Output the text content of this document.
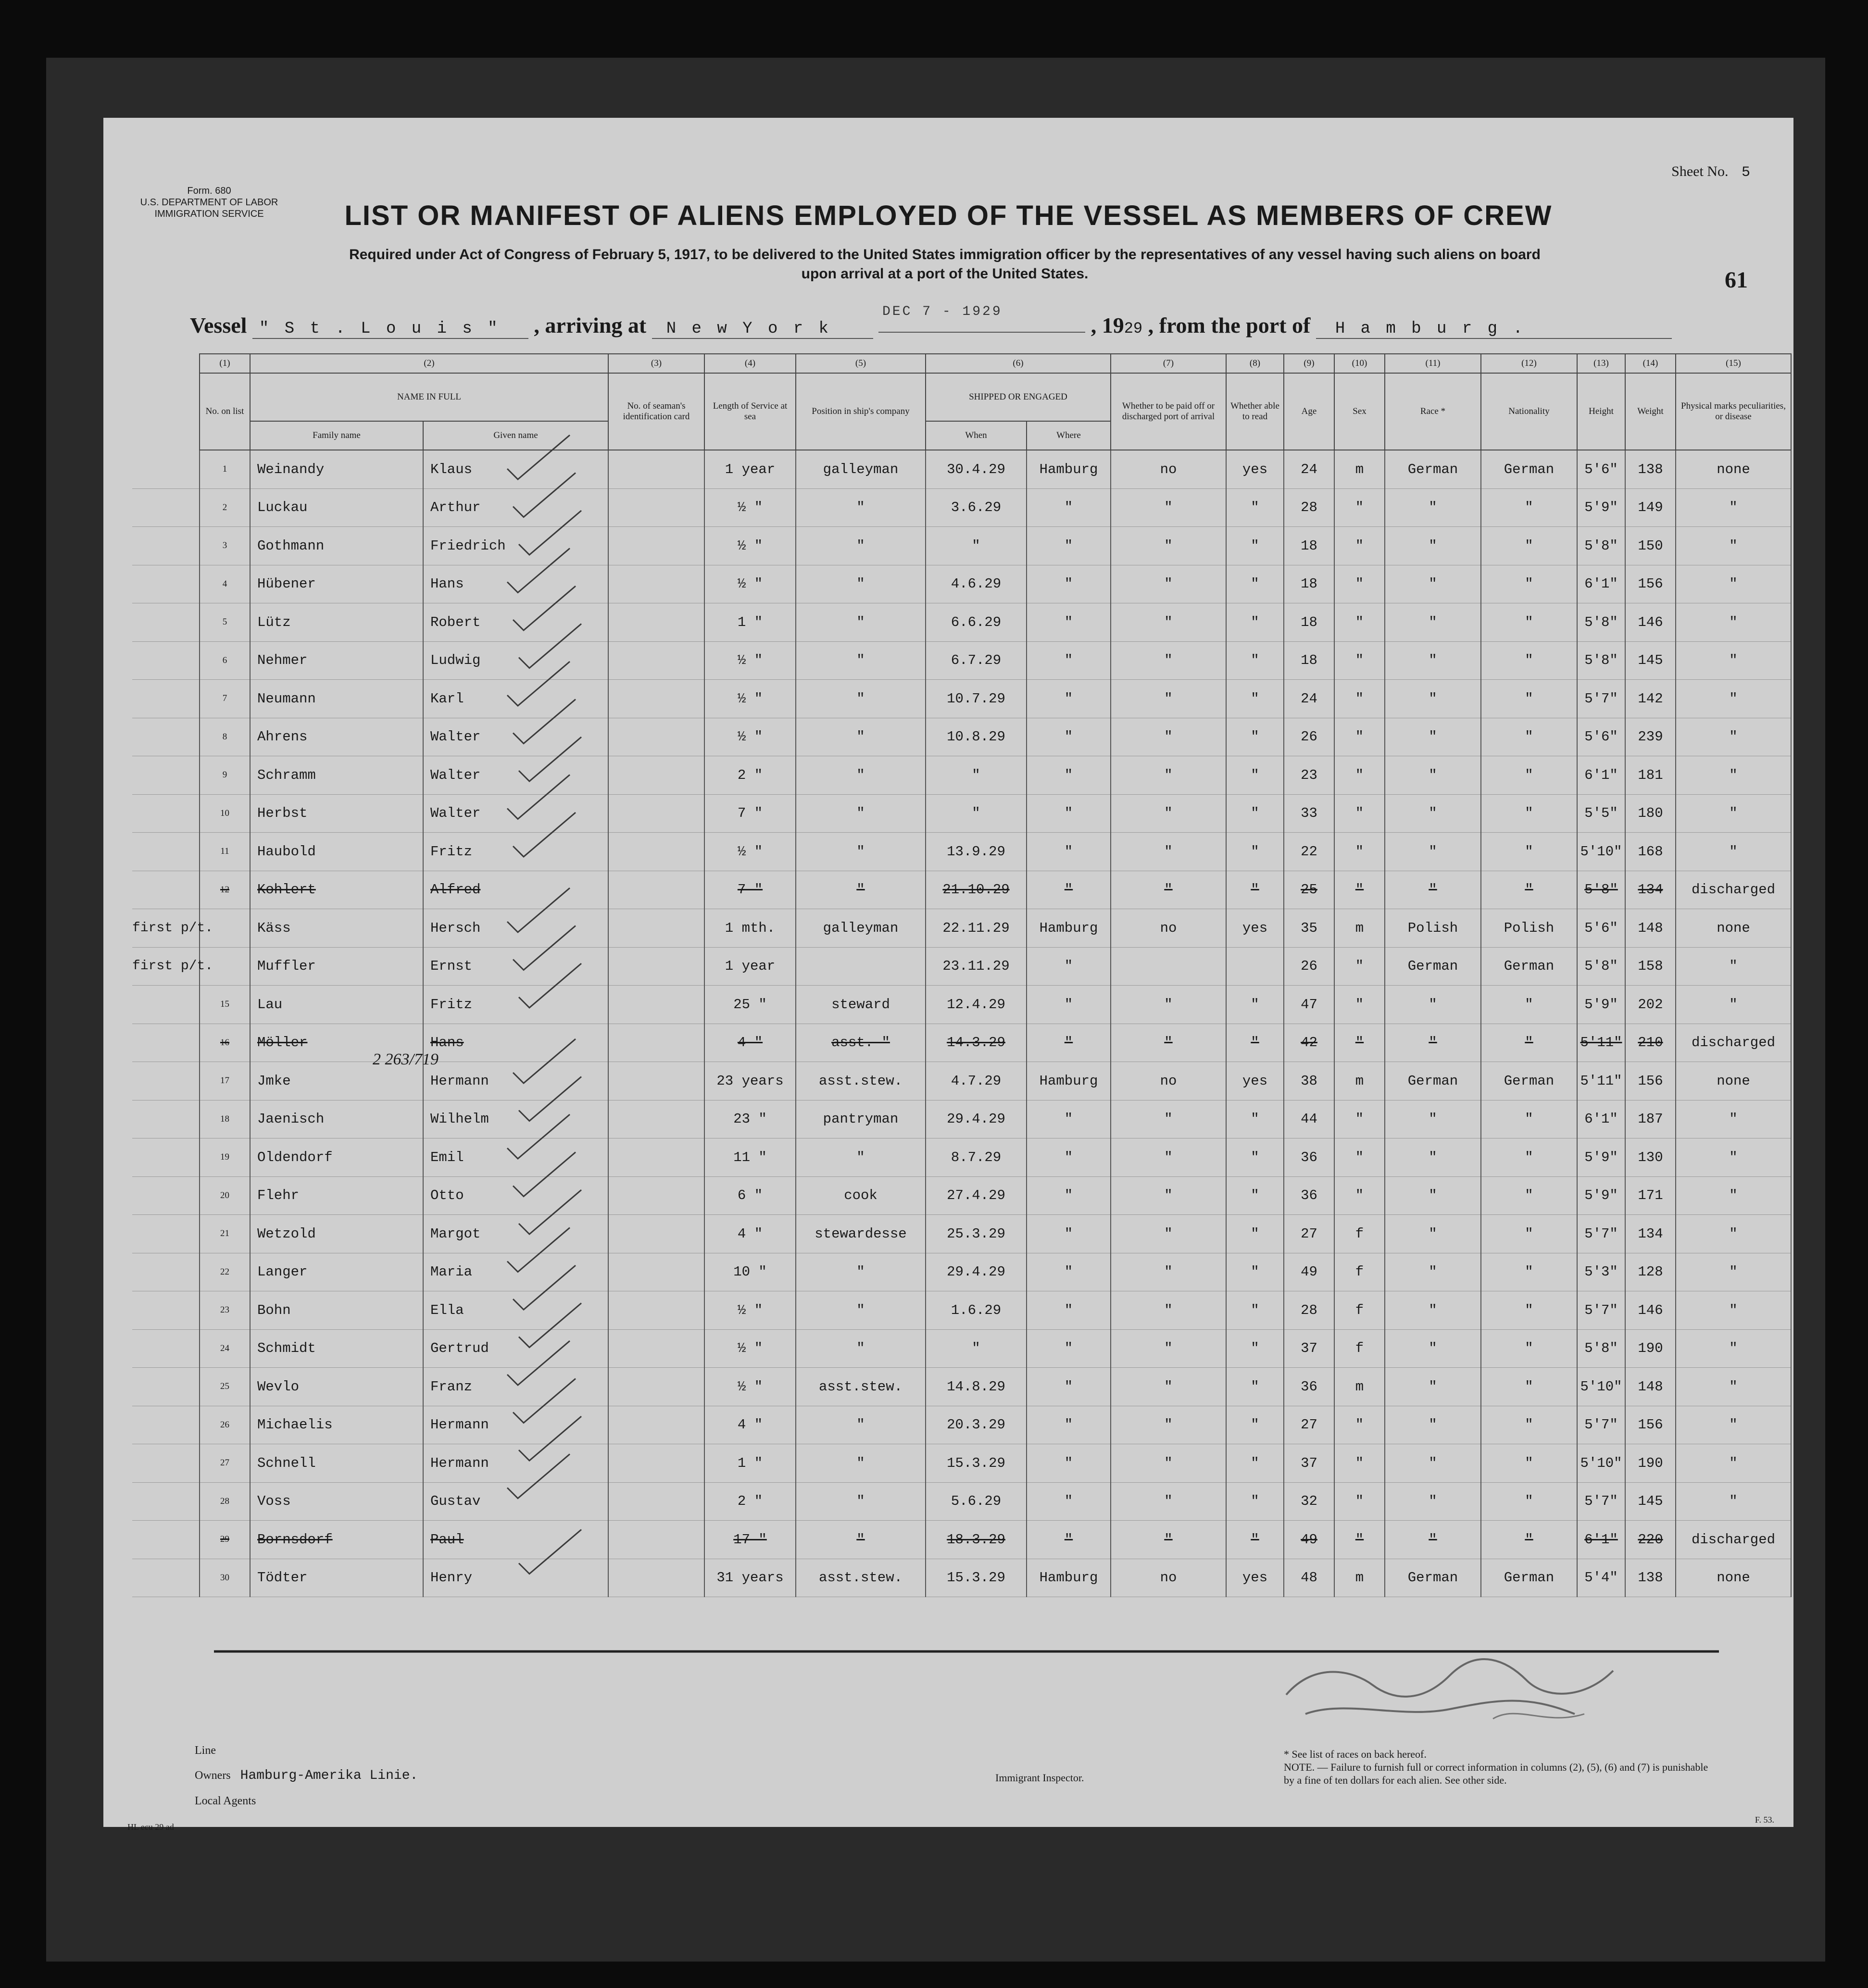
Form. 680
U.S. DEPARTMENT OF LABOR
IMMIGRATION SERVICE
Sheet No. 5
LIST OR MANIFEST OF ALIENS EMPLOYED OF THE VESSEL AS MEMBERS OF CREW
Required under Act of Congress of February 5, 1917, to be delivered to the United States immigration officer by the representatives of any vessel having such aliens on board
upon arrival at a port of the United States.	61
DEC 7 - 1929
Vessel " S t . L o u i s " , arriving at N e w Y o r k	, 1929 , from the port of H a m b u r g .
	(1)	(2)		(3)	(4)	(5)	(6)		(7)	(8)	(9)	(10)	(11)	(12)	(13)	(14)	(15)
	No. on list	NAME IN FULL		No. of seaman's identification card	Length of Service at sea	Position in ship's company	SHIPPED OR ENGAGED		Whether to be paid off or discharged port of arrival	Whether able to read	Age	Sex	Race *	Nationality	Height	Weight	Physical marks peculiarities, or disease
		Family name	Given name				When	Where									
	1	Weinandy	Klaus		1 year	galleyman	30.4.29	Hamburg	no	yes	24	m	German	German	5'6"	138	none
	2	Luckau	Arthur		½ "	"	3.6.29	"	"	"	28	"	"	"	5'9"	149	"
	3	Gothmann	Friedrich		½ "	"	"	"	"	"	18	"	"	"	5'8"	150	"
	4	Hübener	Hans		½ "	"	4.6.29	"	"	"	18	"	"	"	6'1"	156	"
	5	Lütz	Robert		1 "	"	6.6.29	"	"	"	18	"	"	"	5'8"	146	"
	6	Nehmer	Ludwig		½ "	"	6.7.29	"	"	"	18	"	"	"	5'8"	145	"
	7	Neumann	Karl		½ "	"	10.7.29	"	"	"	24	"	"	"	5'7"	142	"
	8	Ahrens	Walter		½ "	"	10.8.29	"	"	"	26	"	"	"	5'6"	239	"
	9	Schramm	Walter		2 "	"	"	"	"	"	23	"	"	"	6'1"	181	"
	10	Herbst	Walter		7 "	"	"	"	"	"	33	"	"	"	5'5"	180	"
	11	Haubold	Fritz		½ "	"	13.9.29	"	"	"	22	"	"	"	5'10"	168	"
	12	Kohlert	Alfred		7 "	"	21.10.29	"	"	"	25	"	"	"	5'8"	134	discharged
first p/t.		Käss	Hersch		1 mth.	galleyman	22.11.29	Hamburg	no	yes	35	m	Polish	Polish	5'6"	148	none
first p/t.		Muffler	Ernst		1 year		23.11.29	"			26	"	German	German	5'8"	158	"
	15	Lau	Fritz		25 "	steward	12.4.29	"	"	"	47	"	"	"	5'9"	202	"
	16	Möller	Hans		4 "	asst. "	14.3.29	"	"	"	42	"	"	"	5'11"	210	discharged
	17	Jmke	Hermann		23 years	asst.stew.	4.7.29	Hamburg	no	yes	38	m	German	German	5'11"	156	none
	18	Jaenisch	Wilhelm		23 "	pantryman	29.4.29	"	"	"	44	"	"	"	6'1"	187	"
	19	Oldendorf	Emil		11 "	"	8.7.29	"	"	"	36	"	"	"	5'9"	130	"
	20	Flehr	Otto		6 "	cook	27.4.29	"	"	"	36	"	"	"	5'9"	171	"
	21	Wetzold	Margot		4 "	stewardesse	25.3.29	"	"	"	27	f	"	"	5'7"	134	"
	22	Langer	Maria		10 "	"	29.4.29	"	"	"	49	f	"	"	5'3"	128	"
	23	Bohn	Ella		½ "	"	1.6.29	"	"	"	28	f	"	"	5'7"	146	"
	24	Schmidt	Gertrud		½ "	"	"	"	"	"	37	f	"	"	5'8"	190	"
	25	Wevlo	Franz		½ "	asst.stew.	14.8.29	"	"	"	36	m	"	"	5'10"	148	"
	26	Michaelis	Hermann		4 "	"	20.3.29	"	"	"	27	"	"	"	5'7"	156	"
	27	Schnell	Hermann		1 "	"	15.3.29	"	"	"	37	"	"	"	5'10"	190	"
	28	Voss	Gustav		2 "	"	5.6.29	"	"	"	32	"	"	"	5'7"	145	"
	29	Bornsdorf	Paul		17 "	"	18.3.29	"	"	"	49	"	"	"	6'1"	220	discharged
	30	Tödter	Henry		31 years	asst.stew.	15.3.29	Hamburg	no	yes	48	m	German	German	5'4"	138	none
2 263/719
Line
Owners Hamburg-Amerika Linie.
Local Agents
Immigrant Inspector.
* See list of races on back hereof.
NOTE. — Failure to furnish full or correct information in columns (2), (5), (6) and (7) is punishable by a fine of ten dollars for each alien. See other side.
HL ecu 29 ad
F. 53.
